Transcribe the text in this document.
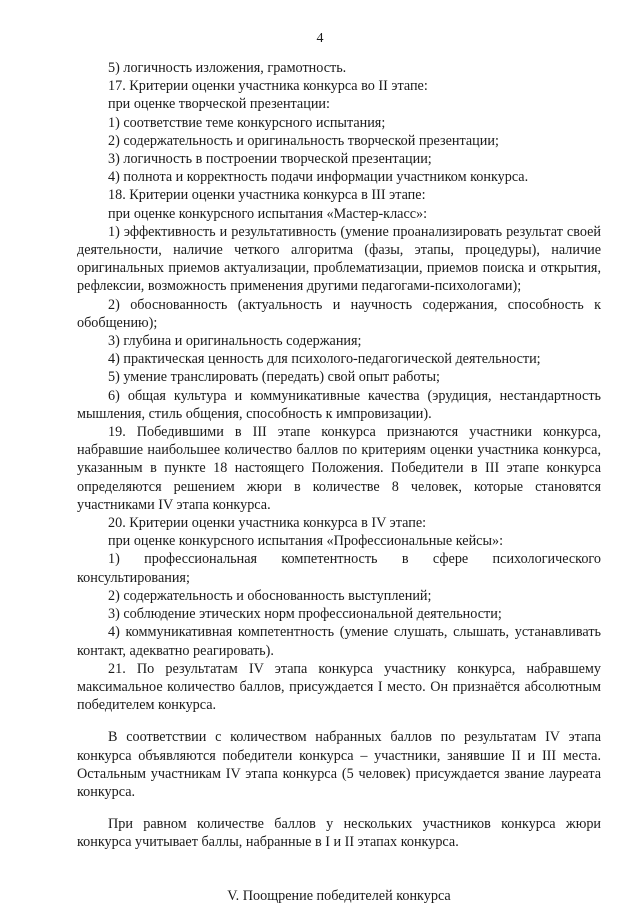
4

5) логичность изложения, грамотность.

17. Критерии оценки участника конкурса во II этапе:

при оценке творческой презентации:

1) соответствие теме конкурсного испытания;

2) содержательность и оригинальность творческой презентации;

3) логичность в построении творческой презентации;

4) полнота и корректность подачи информации участником конкурса.

18. Критерии оценки участника конкурса в III этапе:

при оценке конкурсного испытания «Мастер-класс»:

1) эффективность и результативность (умение проанализировать результат своей деятельности, наличие четкого алгоритма (фазы, этапы, процедуры), наличие оригинальных приемов актуализации, проблематизации, приемов поиска и открытия, рефлексии, возможность применения другими педагогами-психологами);

2) обоснованность (актуальность и научность содержания, способность к обобщению);

3) глубина и оригинальность содержания;

4) практическая ценность для психолого-педагогической деятельности;

5) умение транслировать (передать) свой опыт работы;

6) общая культура и коммуникативные качества (эрудиция, нестандартность мышления, стиль общения, способность к импровизации).

19. Победившими в III этапе конкурса признаются участники конкурса, набравшие наибольшее количество баллов по критериям оценки участника конкурса, указанным в пункте 18 настоящего Положения. Победители в III этапе конкурса определяются решением жюри в количестве 8 человек, которые становятся участниками IV этапа конкурса.

20. Критерии оценки участника конкурса в IV этапе:

при оценке конкурсного испытания «Профессиональные кейсы»:

1) профессиональная компетентность в сфере психологического консультирования;

2) содержательность и обоснованность выступлений;

3) соблюдение этических норм профессиональной деятельности;

4) коммуникативная компетентность (умение слушать, слышать, устанавливать контакт, адекватно реагировать).

21. По результатам IV этапа конкурса участнику конкурса, набравшему максимальное количество баллов, присуждается I место. Он признаётся абсолютным победителем конкурса.

В соответствии с количеством набранных баллов по результатам IV этапа конкурса объявляются победители конкурса – участники, занявшие II и III места. Остальным участникам IV этапа конкурса (5 человек) присуждается звание лауреата конкурса.

При равном количестве баллов у нескольких участников конкурса жюри конкурса учитывает баллы, набранные в I и II этапах конкурса.

V. Поощрение победителей конкурса
